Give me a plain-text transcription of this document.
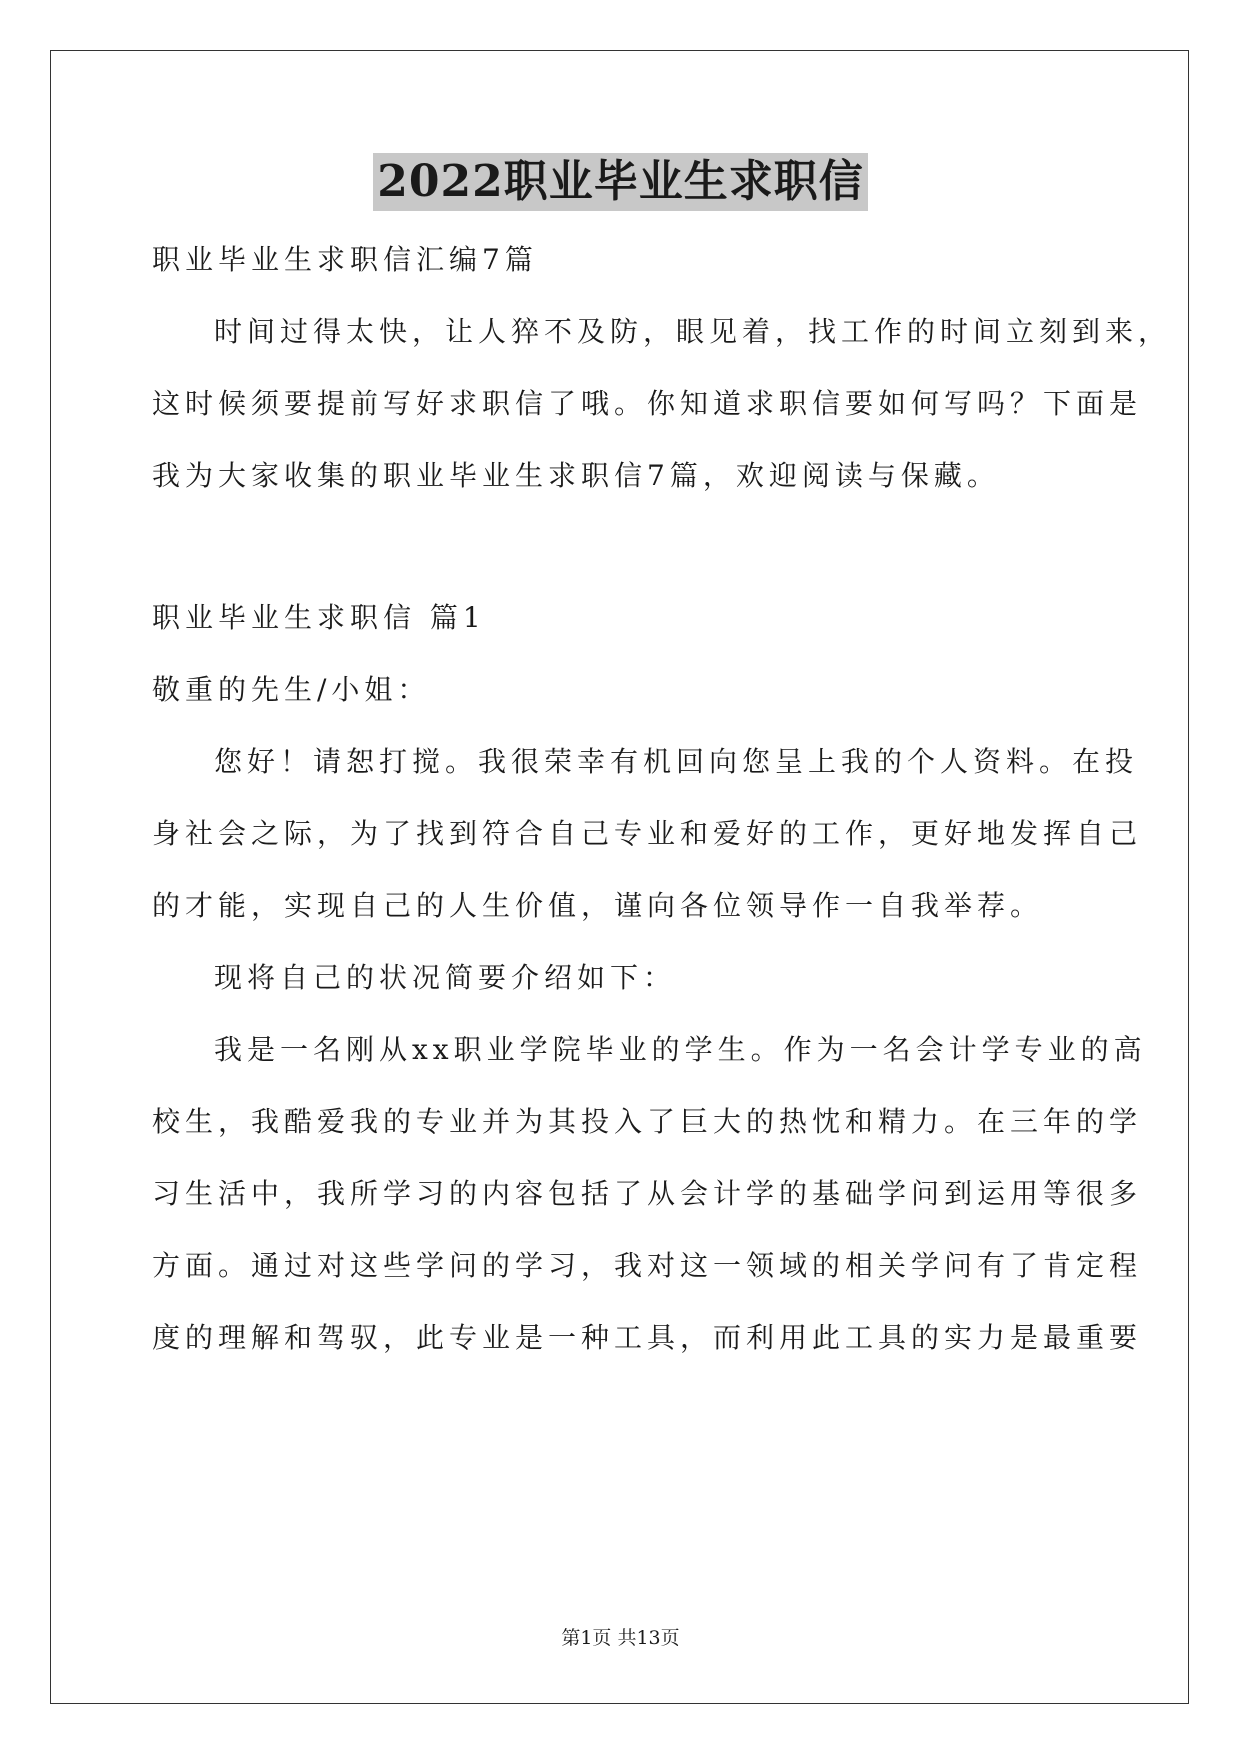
2022职业毕业生求职信
职业毕业生求职信汇编7篇
时间过得太快，让人猝不及防，眼见着，找工作的时间立刻到来，
这时候须要提前写好求职信了哦。你知道求职信要如何写吗？下面是
我为大家收集的职业毕业生求职信7篇，欢迎阅读与保藏。
职业毕业生求职信 篇1
敬重的先生/小姐：
您好！请恕打搅。我很荣幸有机回向您呈上我的个人资料。在投
身社会之际，为了找到符合自己专业和爱好的工作，更好地发挥自己
的才能，实现自己的人生价值，谨向各位领导作一自我举荐。
现将自己的状况简要介绍如下：
我是一名刚从xx职业学院毕业的学生。作为一名会计学专业的高
校生，我酷爱我的专业并为其投入了巨大的热忱和精力。在三年的学
习生活中，我所学习的内容包括了从会计学的基础学问到运用等很多
方面。通过对这些学问的学习，我对这一领域的相关学问有了肯定程
度的理解和驾驭，此专业是一种工具，而利用此工具的实力是最重要
第1页 共13页
